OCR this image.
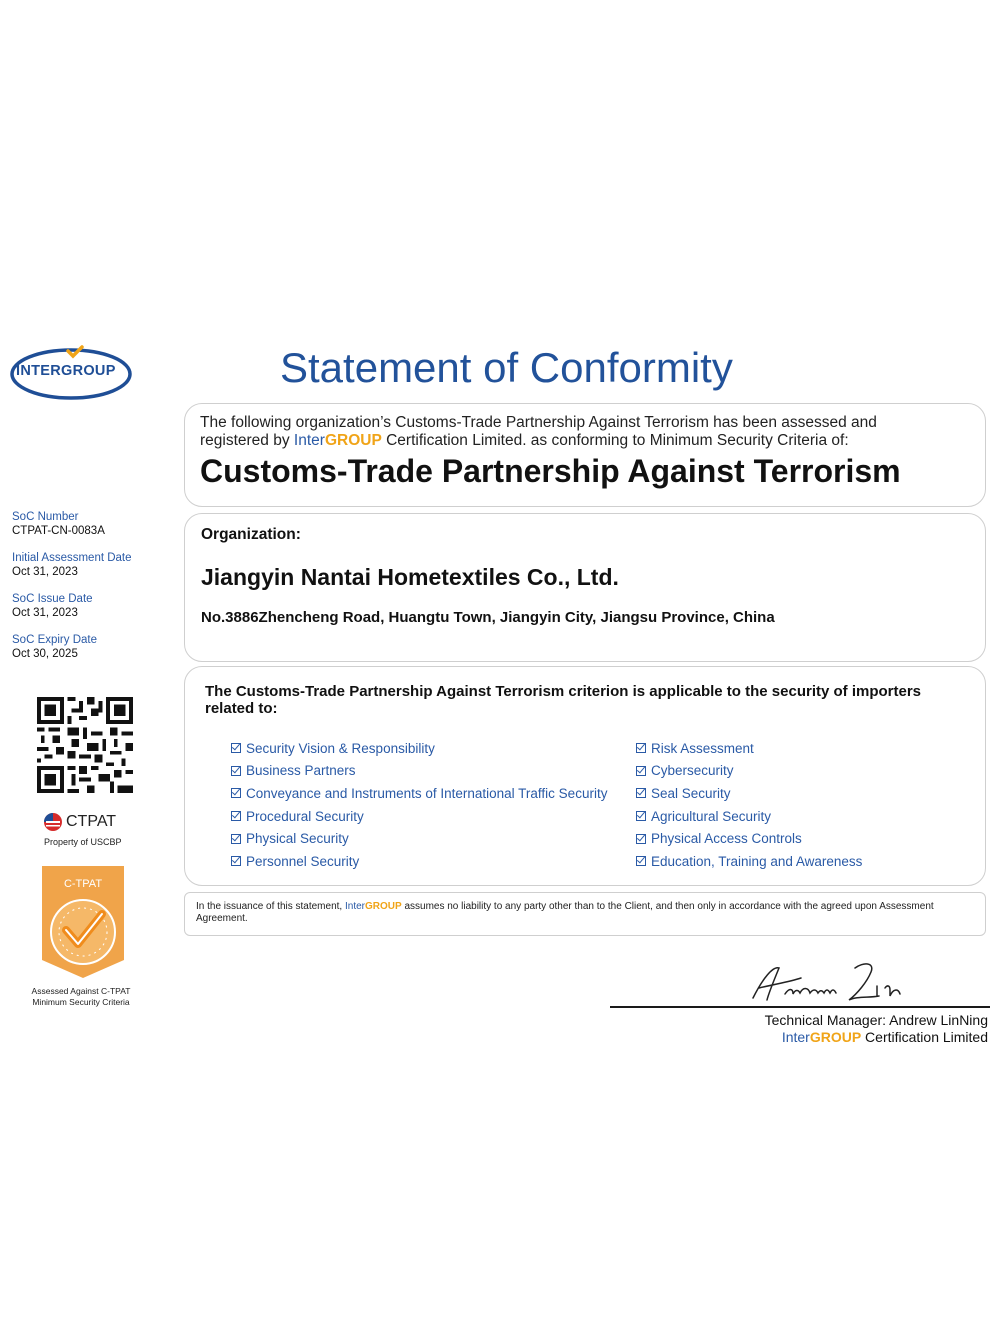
INTERGROUP	Statement of Conformity
The following organization’s Customs-Trade Partnership Against Terrorism has been assessed and
registered by InterGROUP Certification Limited. as conforming to Minimum Security Criteria of:
Customs-Trade Partnership Against Terrorism
Organization:
Jiangyin Nantai Hometextiles Co., Ltd.
No.3886Zhencheng Road, Huangtu Town, Jiangyin City, Jiangsu Province, China
The Customs-Trade Partnership Against Terrorism criterion is applicable to the security of importers related to:
Security Vision & Responsibility
Business Partners
Conveyance and Instruments of International Traffic Security
Procedural Security
Physical Security
Personnel Security
Risk Assessment
Cybersecurity
Seal Security
Agricultural Security
Physical Access Controls
Education, Training and Awareness
In the issuance of this statement, InterGROUP assumes no liability to any party other than to the Client, and then only in accordance with the agreed upon Assessment Agreement.
SoC Number
CTPAT-CN-0083A
Initial Assessment Date
Oct 31, 2023
SoC Issue Date
Oct 31, 2023
SoC Expiry Date
Oct 30, 2025
CTPAT
Property of USCBP
C-TPAT
Assessed Against C-TPAT
Minimum Security Criteria
Technical Manager: Andrew LinNing
InterGROUP Certification Limited
